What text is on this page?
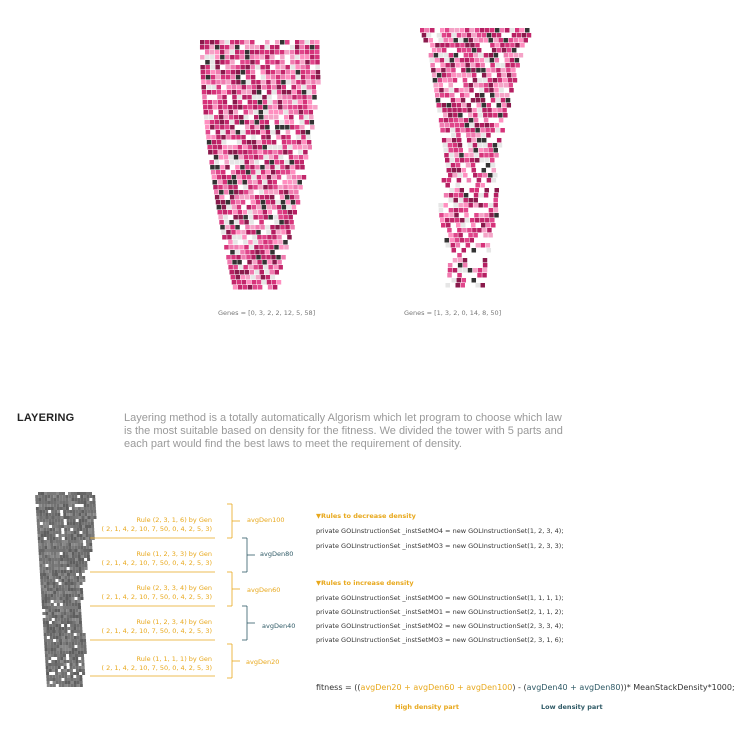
Genes = [0, 3, 2, 2, 12, 5, 58]	Genes = [1, 3, 2, 0, 14, 8, 50]
LAYERING	Layering method is a totally automatically Algorism which let program to choose which law is the most suitable based on density for the fitness. We divided the tower with 5 parts and each part would find the best laws to meet the requirement of density.
Rule (2, 3, 1, 6) by Gen
( 2, 1, 4, 2, 10, 7, 50, 0, 4, 2, 5, 3)
avgDen100
Rule (1, 2, 3, 3) by Gen
( 2, 1, 4, 2, 10, 7, 50, 0, 4, 2, 5, 3)
avgDen80
Rule (2, 3, 3, 4) by Gen
( 2, 1, 4, 2, 10, 7, 50, 0, 4, 2, 5, 3)
avgDen60
Rule (1, 2, 3, 4) by Gen
( 2, 1, 4, 2, 10, 7, 50, 0, 4, 2, 5, 3)
avgDen40
Rule (1, 1, 1, 1) by Gen
( 2, 1, 4, 2, 10, 7, 50, 0, 4, 2, 5, 3)
avgDen20
▼Rules to decrease density
private GOLInstructionSet _instSetMO4 = new GOLInstructionSet(1, 2, 3, 4);
private GOLInstructionSet _instSetMO3 = new GOLInstructionSet(1, 2, 3, 3);
▼Rules to increase density
private GOLInstructionSet _instSetMO0 = new GOLInstructionSet(1, 1, 1, 1);
private GOLInstructionSet _instSetMO1 = new GOLInstructionSet(2, 1, 1, 2);
private GOLInstructionSet _instSetMO2 = new GOLInstructionSet(2, 3, 3, 4);
private GOLInstructionSet _instSetMO3 = new GOLInstructionSet(2, 3, 1, 6);
fitness = ((avgDen20 + avgDen60 + avgDen100) - (avgDen40 + avgDen80))* MeanStackDensity*1000;
High density part	Low density part
